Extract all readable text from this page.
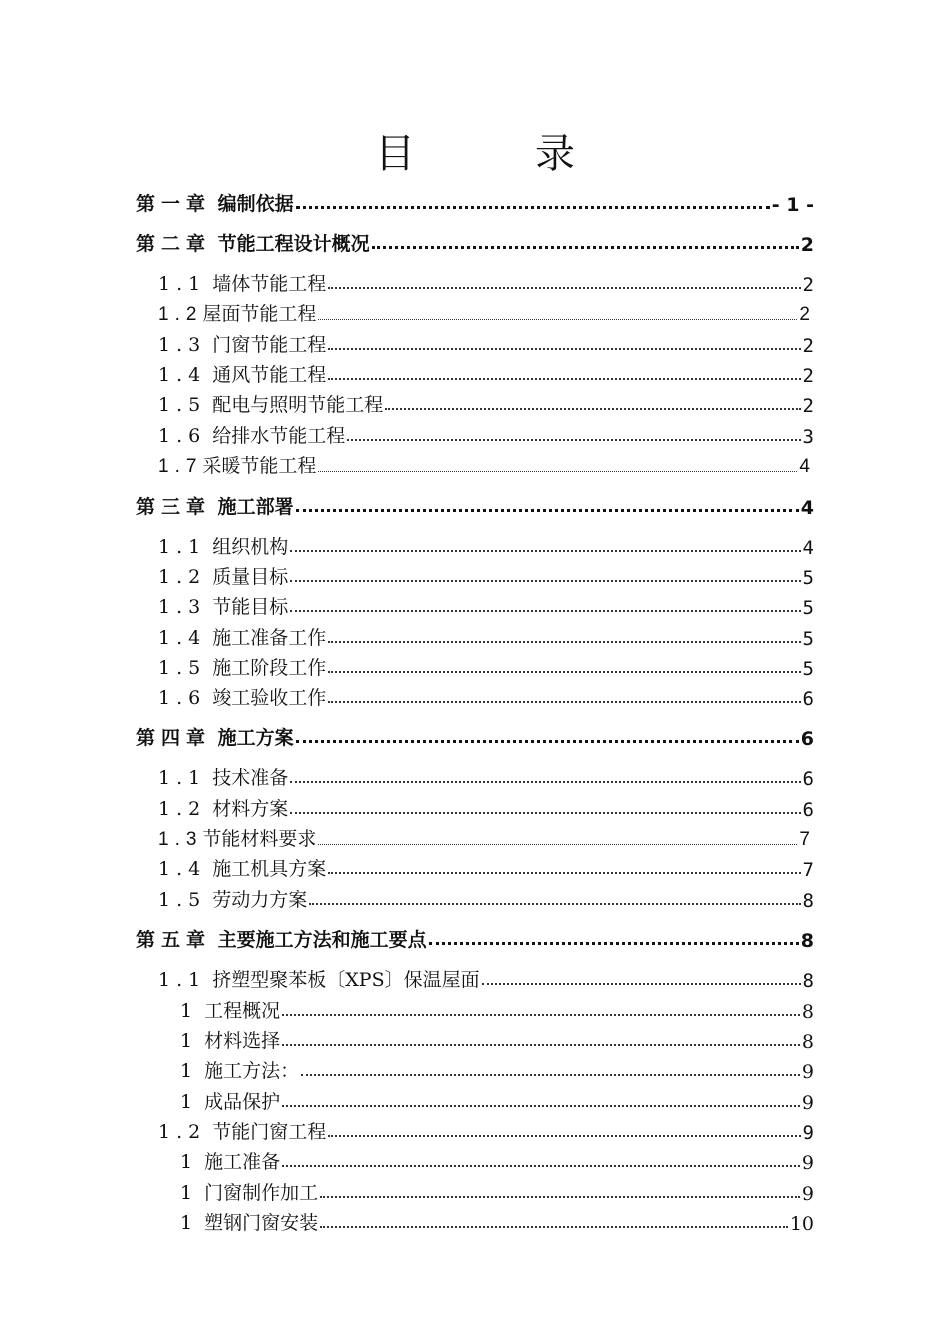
目　录
第一章 编制依据	- 1 -
第二章 节能工程设计概况	2
1.1 墙体节能工程	2
1.2屋面节能工程	2
1.3 门窗节能工程	2
1.4 通风节能工程	2
1.5 配电与照明节能工程	2
1.6 给排水节能工程	3
1.7采暖节能工程	4
第三章 施工部署	4
1.1 组织机构	4
1.2 质量目标	5
1.3 节能目标	5
1.4 施工准备工作	5
1.5 施工阶段工作	5
1.6 竣工验收工作	6
第四章 施工方案	6
1.1 技术准备	6
1.2 材料方案	6
1.3节能材料要求	7
1.4 施工机具方案	7
1.5 劳动力方案	8
第五章 主要施工方法和施工要点	8
1.1 挤塑型聚苯板〔XPS〕保温屋面	8
1 工程概况	8
1 材料选择	8
1 施工方法：	9
1 成品保护	9
1.2 节能门窗工程	9
1 施工准备	9
1 门窗制作加工	9
1 塑钢门窗安装	10
